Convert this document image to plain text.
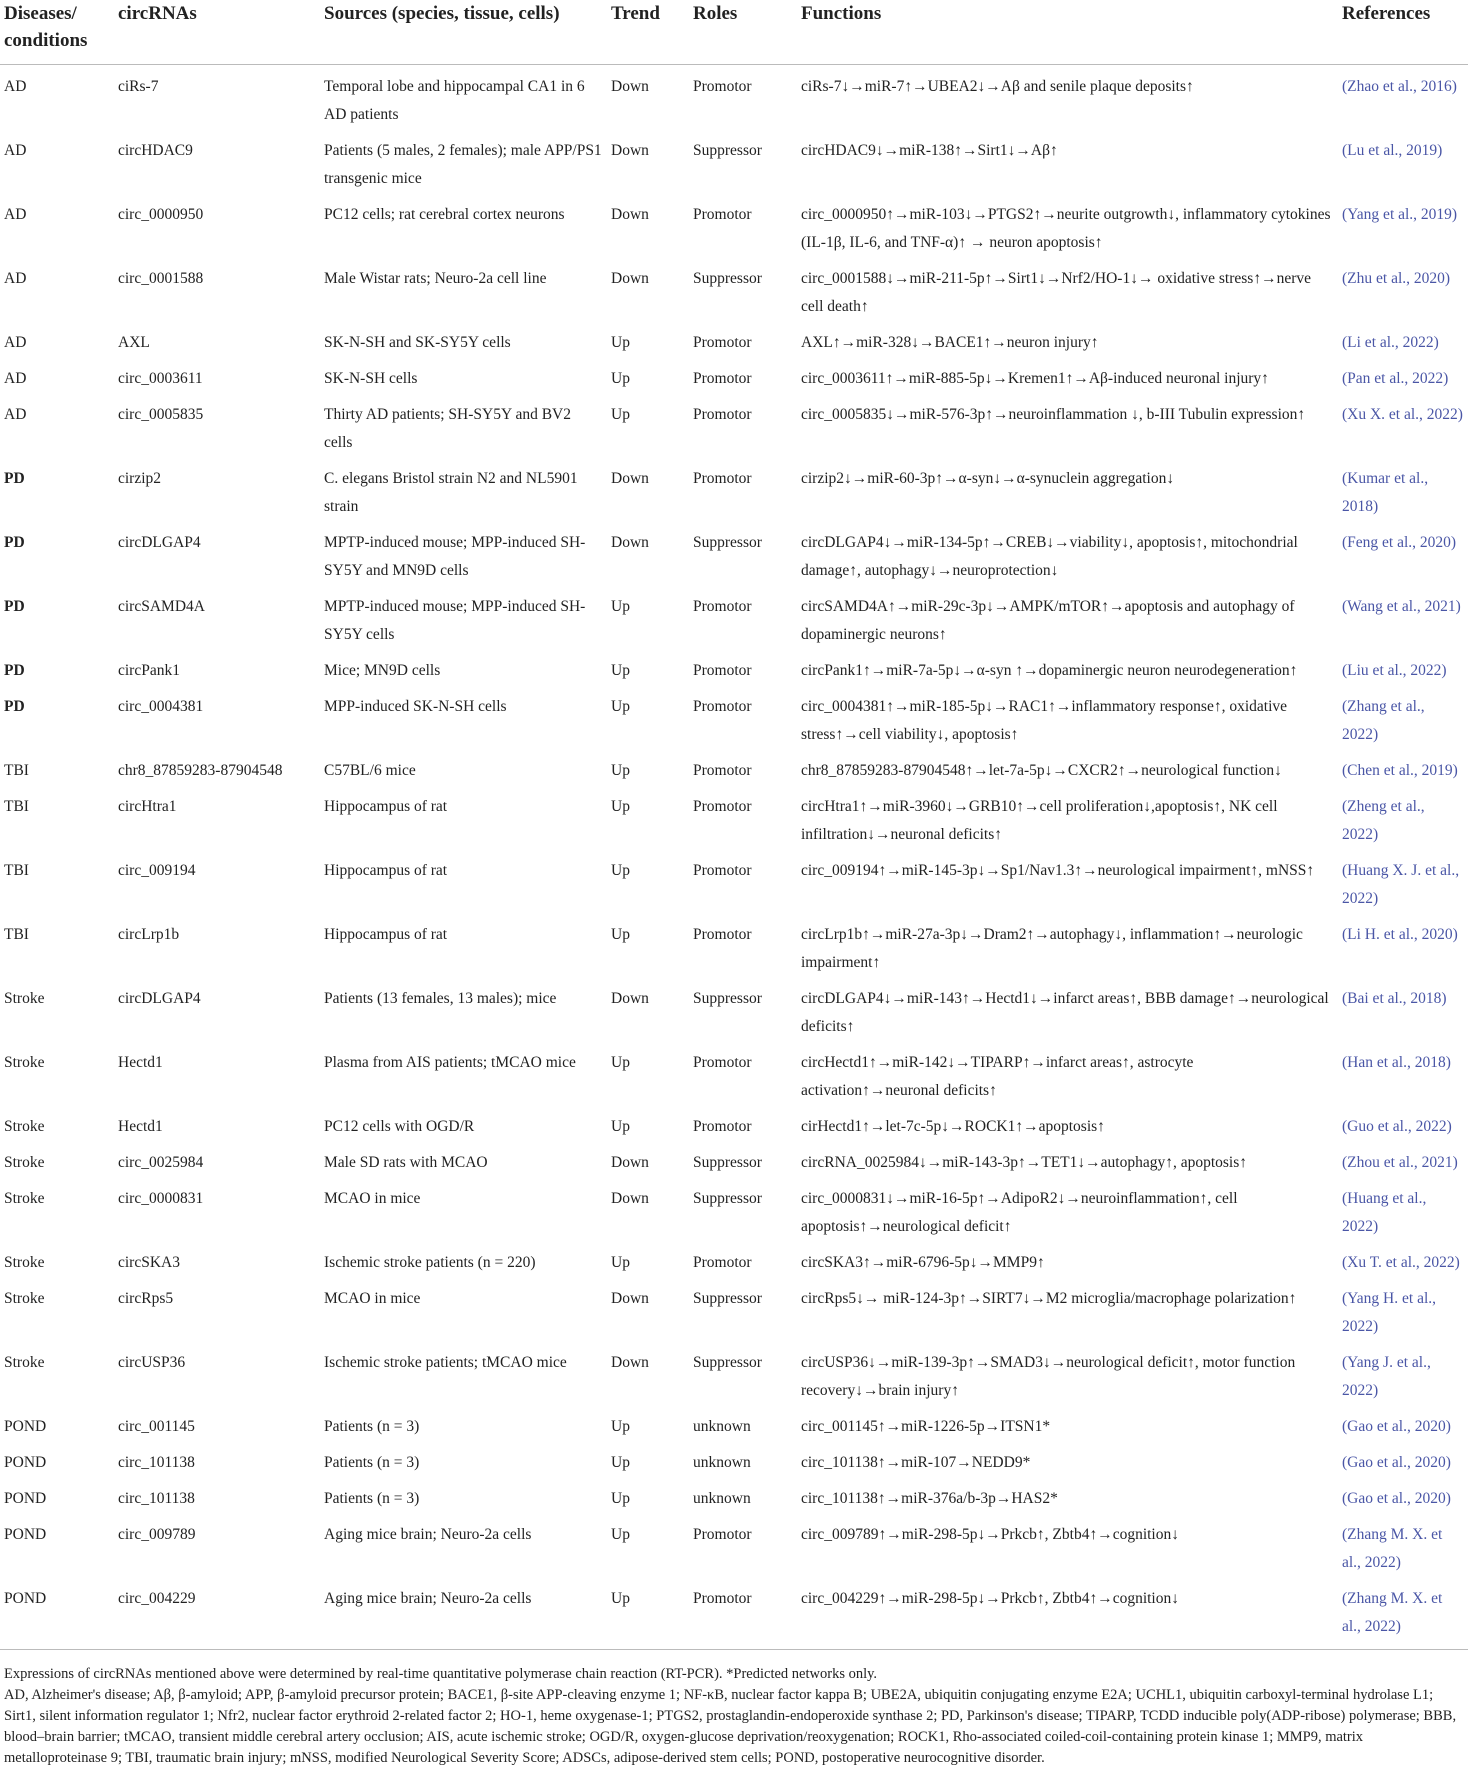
Diseases/ conditions	circRNAs	Sources (species, tissue, cells)	Trend	Roles	Functions	References
AD	ciRs-7	Temporal lobe and hippocampal CA1 in 6 AD patients	Down	Promotor	ciRs-7↓→miR-7↑→UBEA2↓→Aβ and senile plaque deposits↑	(Zhao et al., 2016)
AD	circHDAC9	Patients (5 males, 2 females); male APP/PS1 transgenic mice	Down	Suppressor	circHDAC9↓→miR-138↑→Sirt1↓→Aβ↑	(Lu et al., 2019)
AD	circ_0000950	PC12 cells; rat cerebral cortex neurons	Down	Promotor	circ_0000950↑→miR-103↓→PTGS2↑→neurite outgrowth↓, inflammatory cytokines (IL-1β, IL-6, and TNF-α)↑ → neuron apoptosis↑	(Yang et al., 2019)
AD	circ_0001588	Male Wistar rats; Neuro-2a cell line	Down	Suppressor	circ_0001588↓→miR-211-5p↑→Sirt1↓→Nrf2/HO-1↓→ oxidative stress↑→nerve cell death↑	(Zhu et al., 2020)
AD	AXL	SK-N-SH and SK-SY5Y cells	Up	Promotor	AXL↑→miR-328↓→BACE1↑→neuron injury↑	(Li et al., 2022)
AD	circ_0003611	SK-N-SH cells	Up	Promotor	circ_0003611↑→miR-885-5p↓→Kremen1↑→Aβ-induced neuronal injury↑	(Pan et al., 2022)
AD	circ_0005835	Thirty AD patients; SH-SY5Y and BV2 cells	Up	Promotor	circ_0005835↓→miR-576-3p↑→neuroinflammation ↓, b-III Tubulin expression↑	(Xu X. et al., 2022)
PD	cirzip2	C. elegans Bristol strain N2 and NL5901 strain	Down	Promotor	cirzip2↓→miR-60-3p↑→α-syn↓→α-synuclein aggregation↓	(Kumar et al., 2018)
PD	circDLGAP4	MPTP-induced mouse; MPP-induced SH-SY5Y and MN9D cells	Down	Suppressor	circDLGAP4↓→miR-134-5p↑→CREB↓→viability↓, apoptosis↑, mitochondrial damage↑, autophagy↓→neuroprotection↓	(Feng et al., 2020)
PD	circSAMD4A	MPTP-induced mouse; MPP-induced SH-SY5Y cells	Up	Promotor	circSAMD4A↑→miR-29c-3p↓→AMPK/mTOR↑→apoptosis and autophagy of dopaminergic neurons↑	(Wang et al., 2021)
PD	circPank1	Mice; MN9D cells	Up	Promotor	circPank1↑→miR-7a-5p↓→α-syn ↑→dopaminergic neuron neurodegeneration↑	(Liu et al., 2022)
PD	circ_0004381	MPP-induced SK-N-SH cells	Up	Promotor	circ_0004381↑→miR-185-5p↓→RAC1↑→inflammatory response↑, oxidative stress↑→cell viability↓, apoptosis↑	(Zhang et al., 2022)
TBI	chr8_87859283-87904548	C57BL/6 mice	Up	Promotor	chr8_87859283-87904548↑→let-7a-5p↓→CXCR2↑→neurological function↓	(Chen et al., 2019)
TBI	circHtra1	Hippocampus of rat	Up	Promotor	circHtra1↑→miR-3960↓→GRB10↑→cell proliferation↓,apoptosis↑, NK cell infiltration↓→neuronal deficits↑	(Zheng et al., 2022)
TBI	circ_009194	Hippocampus of rat	Up	Promotor	circ_009194↑→miR-145-3p↓→Sp1/Nav1.3↑→neurological impairment↑, mNSS↑	(Huang X. J. et al., 2022)
TBI	circLrp1b	Hippocampus of rat	Up	Promotor	circLrp1b↑→miR-27a-3p↓→Dram2↑→autophagy↓, inflammation↑→neurologic impairment↑	(Li H. et al., 2020)
Stroke	circDLGAP4	Patients (13 females, 13 males); mice	Down	Suppressor	circDLGAP4↓→miR-143↑→Hectd1↓→infarct areas↑, BBB damage↑→neurological deficits↑	(Bai et al., 2018)
Stroke	Hectd1	Plasma from AIS patients; tMCAO mice	Up	Promotor	circHectd1↑→miR-142↓→TIPARP↑→infarct areas↑, astrocyte activation↑→neuronal deficits↑	(Han et al., 2018)
Stroke	Hectd1	PC12 cells with OGD/R	Up	Promotor	cirHectd1↑→let-7c-5p↓→ROCK1↑→apoptosis↑	(Guo et al., 2022)
Stroke	circ_0025984	Male SD rats with MCAO	Down	Suppressor	circRNA_0025984↓→miR-143-3p↑→TET1↓→autophagy↑, apoptosis↑	(Zhou et al., 2021)
Stroke	circ_0000831	MCAO in mice	Down	Suppressor	circ_0000831↓→miR-16-5p↑→AdipoR2↓→neuroinflammation↑, cell apoptosis↑→neurological deficit↑	(Huang et al., 2022)
Stroke	circSKA3	Ischemic stroke patients (n = 220)	Up	Promotor	circSKA3↑→miR-6796-5p↓→MMP9↑	(Xu T. et al., 2022)
Stroke	circRps5	MCAO in mice	Down	Suppressor	circRps5↓→ miR-124-3p↑→SIRT7↓→M2 microglia/macrophage polarization↑	(Yang H. et al., 2022)
Stroke	circUSP36	Ischemic stroke patients; tMCAO mice	Down	Suppressor	circUSP36↓→miR-139-3p↑→SMAD3↓→neurological deficit↑, motor function recovery↓→brain injury↑	(Yang J. et al., 2022)
POND	circ_001145	Patients (n = 3)	Up	unknown	circ_001145↑→miR-1226-5p→ITSN1*	(Gao et al., 2020)
POND	circ_101138	Patients (n = 3)	Up	unknown	circ_101138↑→miR-107→NEDD9*	(Gao et al., 2020)
POND	circ_101138	Patients (n = 3)	Up	unknown	circ_101138↑→miR-376a/b-3p→HAS2*	(Gao et al., 2020)
POND	circ_009789	Aging mice brain; Neuro-2a cells	Up	Promotor	circ_009789↑→miR-298-5p↓→Prkcb↑, Zbtb4↑→cognition↓	(Zhang M. X. et al., 2022)
POND	circ_004229	Aging mice brain; Neuro-2a cells	Up	Promotor	circ_004229↑→miR-298-5p↓→Prkcb↑, Zbtb4↑→cognition↓	(Zhang M. X. et al., 2022)

Expressions of circRNAs mentioned above were determined by real-time quantitative polymerase chain reaction (RT-PCR). *Predicted networks only.

AD, Alzheimer's disease; Aβ, β-amyloid; APP, β-amyloid precursor protein; BACE1, β-site APP-cleaving enzyme 1; NF-κB, nuclear factor kappa B; UBE2A, ubiquitin conjugating enzyme E2A; UCHL1, ubiquitin carboxyl-terminal hydrolase L1; Sirt1, silent information regulator 1; Nfr2, nuclear factor erythroid 2-related factor 2; HO-1, heme oxygenase-1; PTGS2, prostaglandin-endoperoxide synthase 2; PD, Parkinson's disease; TIPARP, TCDD inducible poly(ADP-ribose) polymerase; BBB, blood–brain barrier; tMCAO, transient middle cerebral artery occlusion; AIS, acute ischemic stroke; OGD/R, oxygen-glucose deprivation/reoxygenation; ROCK1, Rho-associated coiled-coil-containing protein kinase 1; MMP9, matrix metalloproteinase 9; TBI, traumatic brain injury; mNSS, modified Neurological Severity Score; ADSCs, adipose-derived stem cells; POND, postoperative neurocognitive disorder.
